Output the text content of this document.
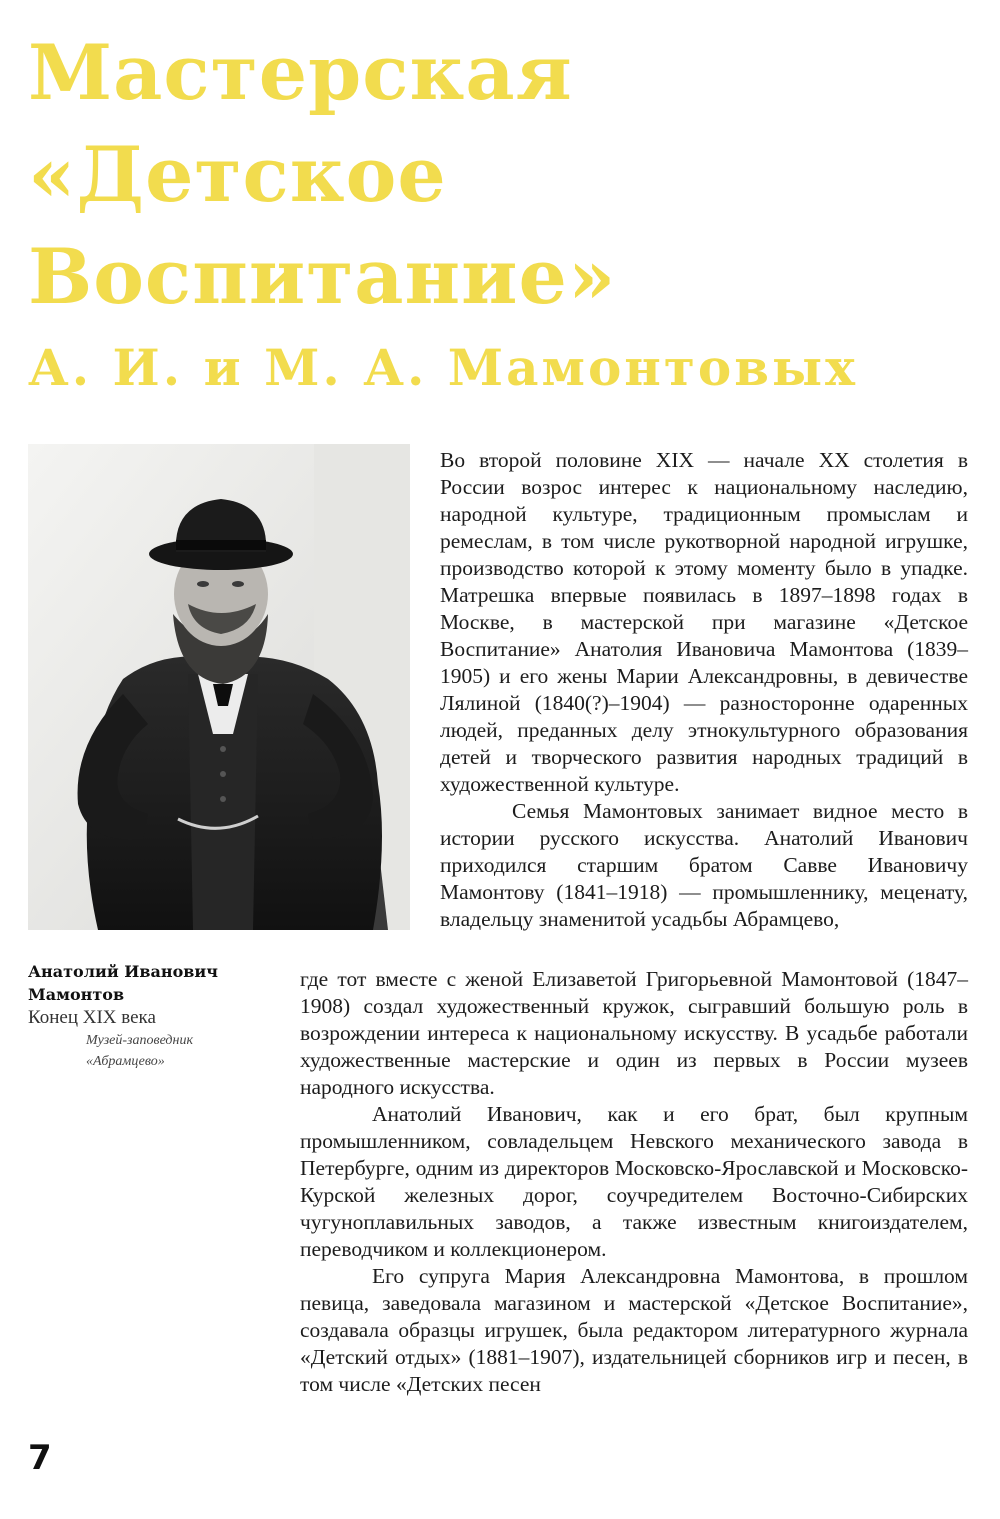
Мастерская
«Детское
Воспитание»
А. И. и М. А. Мамонтовых
Анатолий Иванович
Мамонтов
Конец XIX века
Музей-заповедник
«Абрамцево»

Во второй половине XIX — начале XX столетия в России возрос интерес к национальному наследию, народной культуре, традиционным промыслам и ремеслам, в том числе рукотворной народной игрушке, производство которой к этому моменту было в упадке. Матрешка впервые появилась в 1897–1898 годах в Москве, в мастерской при магазине «Детское Воспитание» Анатолия Ивановича Мамонтова (1839–1905) и его жены Марии Александровны, в девичестве Лялиной (1840(?)–1904) — разносторонне одаренных людей, преданных делу этнокультурного образования детей и творческого развития народных традиций в художественной культуре.

Семья Мамонтовых занимает видное место в истории русского искусства. Анатолий Иванович приходился старшим братом Савве Ивановичу Мамонтову (1841–1918) — промышленнику, меценату, владельцу знаменитой усадьбы Абрамцево,

где тот вместе с женой Елизаветой Григорьевной Мамонтовой (1847–1908) создал художественный кружок, сыгравший большую роль в возрождении интереса к национальному искусству. В усадьбе работали художественные мастерские и один из первых в России музеев народного искусства.

Анатолий Иванович, как и его брат, был крупным промышленником, совладельцем Невского механического завода в Петербурге, одним из директоров Московско-Ярославской и Московско-Курской железных дорог, соучредителем Восточно-Сибирских чугуноплавильных заводов, а также известным книгоиздателем, переводчиком и коллекционером.

Его супруга Мария Александровна Мамонтова, в прошлом певица, заведовала магазином и мастерской «Детское Воспитание», создавала образцы игрушек, была редактором литературного журнала «Детский отдых» (1881–1907), издательницей сборников игр и песен, в том числе «Детских песен

7
